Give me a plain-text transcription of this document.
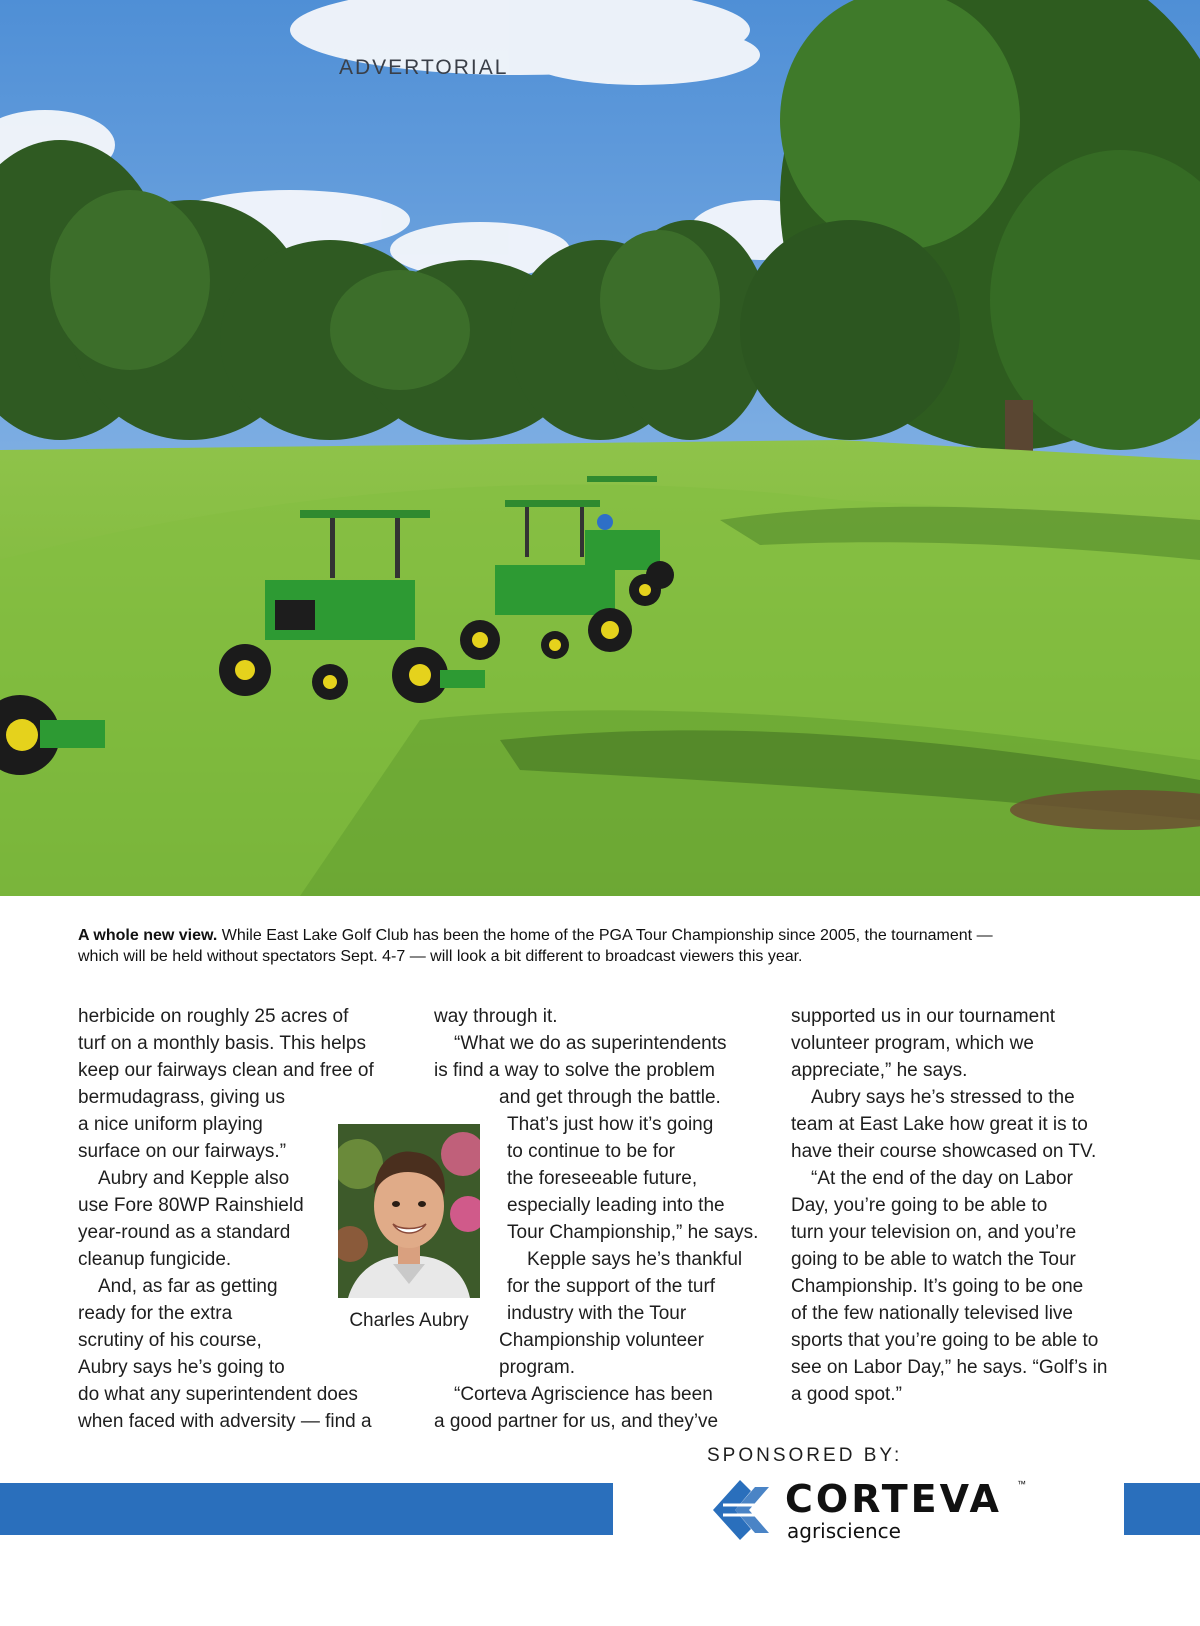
ADVERTORIAL
A whole new view. While East Lake Golf Club has been the home of the PGA Tour Championship since 2005, the tournament —
which will be held without spectators Sept. 4-7 — will look a bit different to broadcast viewers this year.

herbicide on roughly 25 acres of

turf on a monthly basis. This helps

keep our fairways clean and free of

bermudagrass, giving us

a nice uniform playing

surface on our fairways.”

Aubry and Kepple also

use Fore 80WP Rainshield

year-round as a standard

cleanup fungicide.

And, as far as getting

ready for the extra

scrutiny of his course,

Aubry says he’s going to

do what any superintendent does

when faced with adversity — find a

Charles Aubry

way through it.

“What we do as superintendents

is find a way to solve the problem

and get through the battle.

That’s just how it’s going

to continue to be for

the foreseeable future,

especially leading into the

Tour Championship,” he says.

Kepple says he’s thankful

for the support of the turf

industry with the Tour

Championship volunteer

program.

“Corteva Agriscience has been

a good partner for us, and they’ve

supported us in our tournament

volunteer program, which we

appreciate,” he says.

Aubry says he’s stressed to the

team at East Lake how great it is to

have their course showcased on TV.

“At the end of the day on Labor

Day, you’re going to be able to

turn your television on, and you’re

going to be able to watch the Tour

Championship. It’s going to be one

of the few nationally televised live

sports that you’re going to be able to

see on Labor Day,” he says. “Golf’s in

a good spot.”

SPONSORED BY:
CORTEVA ™
agriscience
